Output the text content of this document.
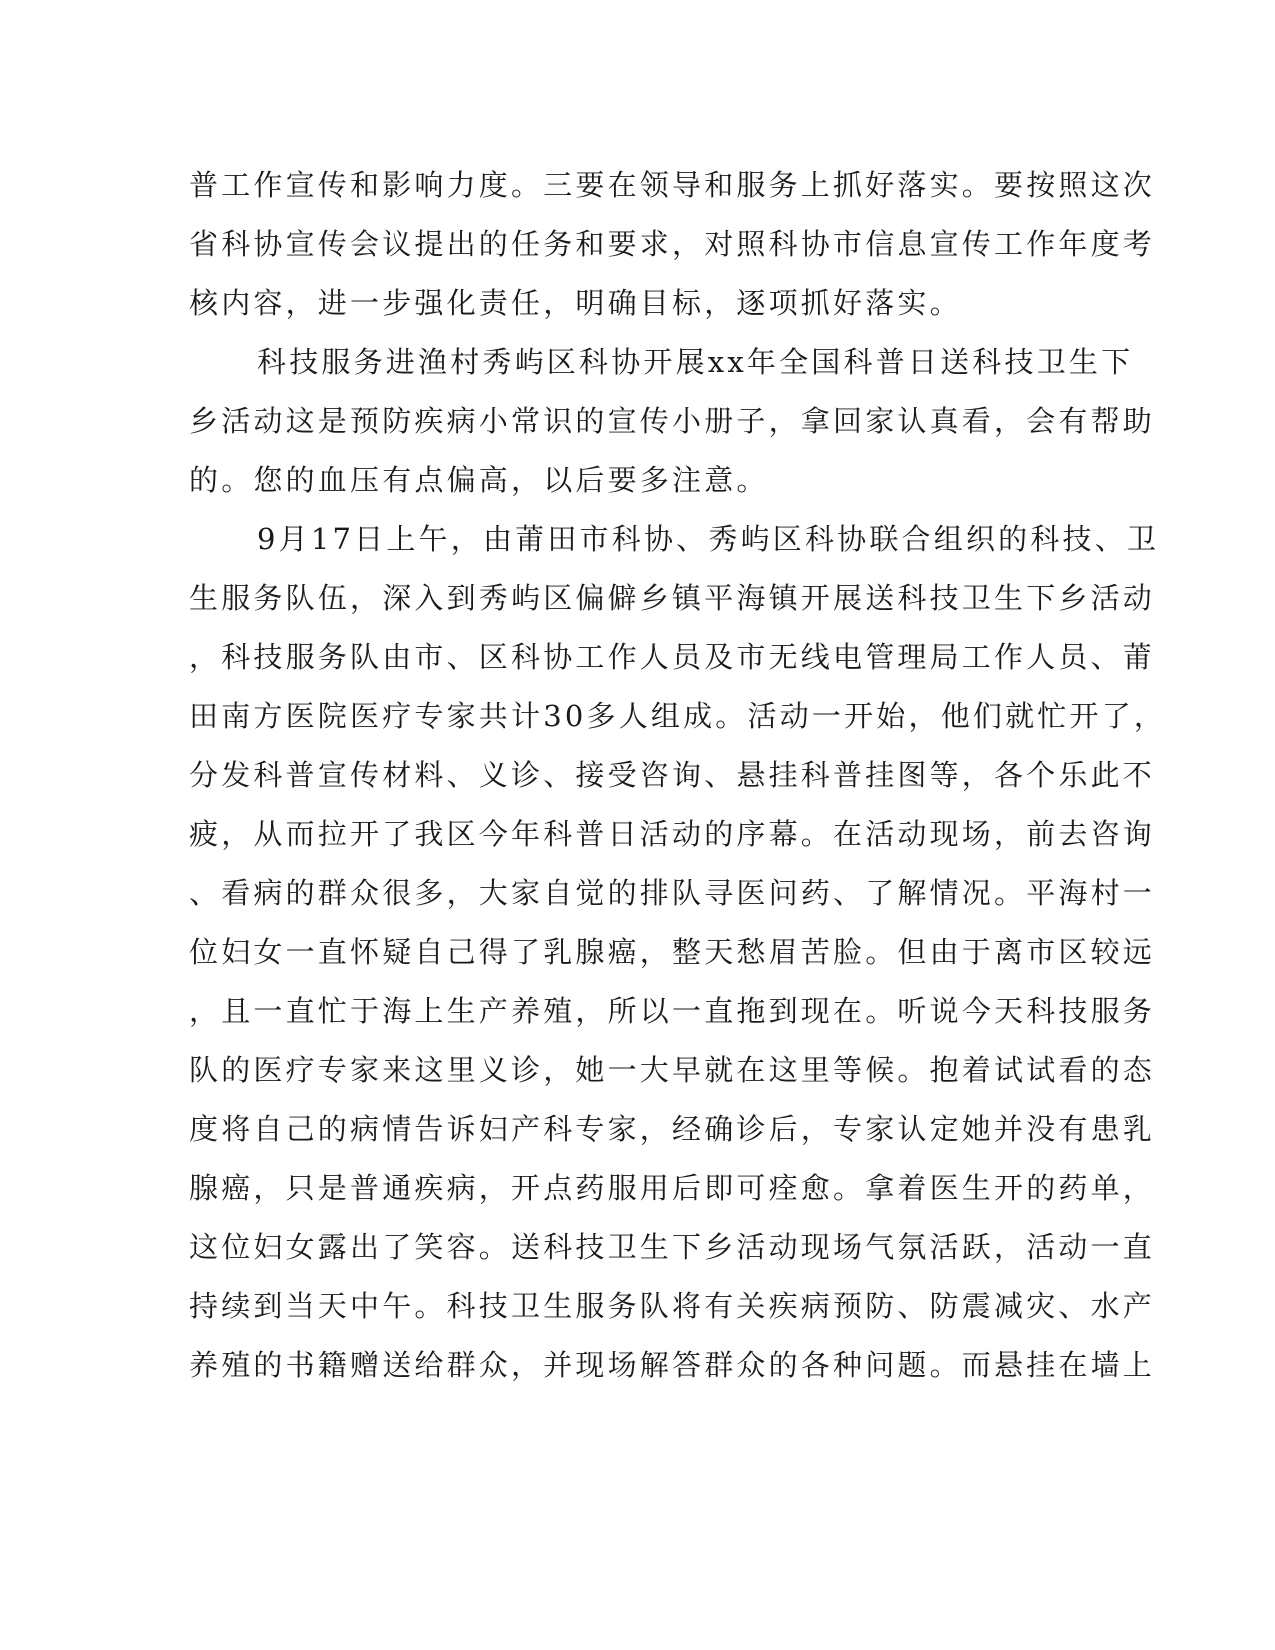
普工作宣传和影响力度。三要在领导和服务上抓好落实。要按照这次
省科协宣传会议提出的任务和要求，对照科协市信息宣传工作年度考
核内容，进一步强化责任，明确目标，逐项抓好落实。
科技服务进渔村秀屿区科协开展xx年全国科普日送科技卫生下
乡活动这是预防疾病小常识的宣传小册子，拿回家认真看，会有帮助
的。您的血压有点偏高，以后要多注意。
9月17日上午，由莆田市科协、秀屿区科协联合组织的科技、卫
生服务队伍，深入到秀屿区偏僻乡镇平海镇开展送科技卫生下乡活动
，科技服务队由市、区科协工作人员及市无线电管理局工作人员、莆
田南方医院医疗专家共计30多人组成。活动一开始，他们就忙开了，
分发科普宣传材料、义诊、接受咨询、悬挂科普挂图等，各个乐此不
疲，从而拉开了我区今年科普日活动的序幕。在活动现场，前去咨询
、看病的群众很多，大家自觉的排队寻医问药、了解情况。平海村一
位妇女一直怀疑自己得了乳腺癌，整天愁眉苦脸。但由于离市区较远
，且一直忙于海上生产养殖，所以一直拖到现在。听说今天科技服务
队的医疗专家来这里义诊，她一大早就在这里等候。抱着试试看的态
度将自己的病情告诉妇产科专家，经确诊后，专家认定她并没有患乳
腺癌，只是普通疾病，开点药服用后即可痊愈。拿着医生开的药单，
这位妇女露出了笑容。送科技卫生下乡活动现场气氛活跃，活动一直
持续到当天中午。科技卫生服务队将有关疾病预防、防震减灾、水产
养殖的书籍赠送给群众，并现场解答群众的各种问题。而悬挂在墙上
